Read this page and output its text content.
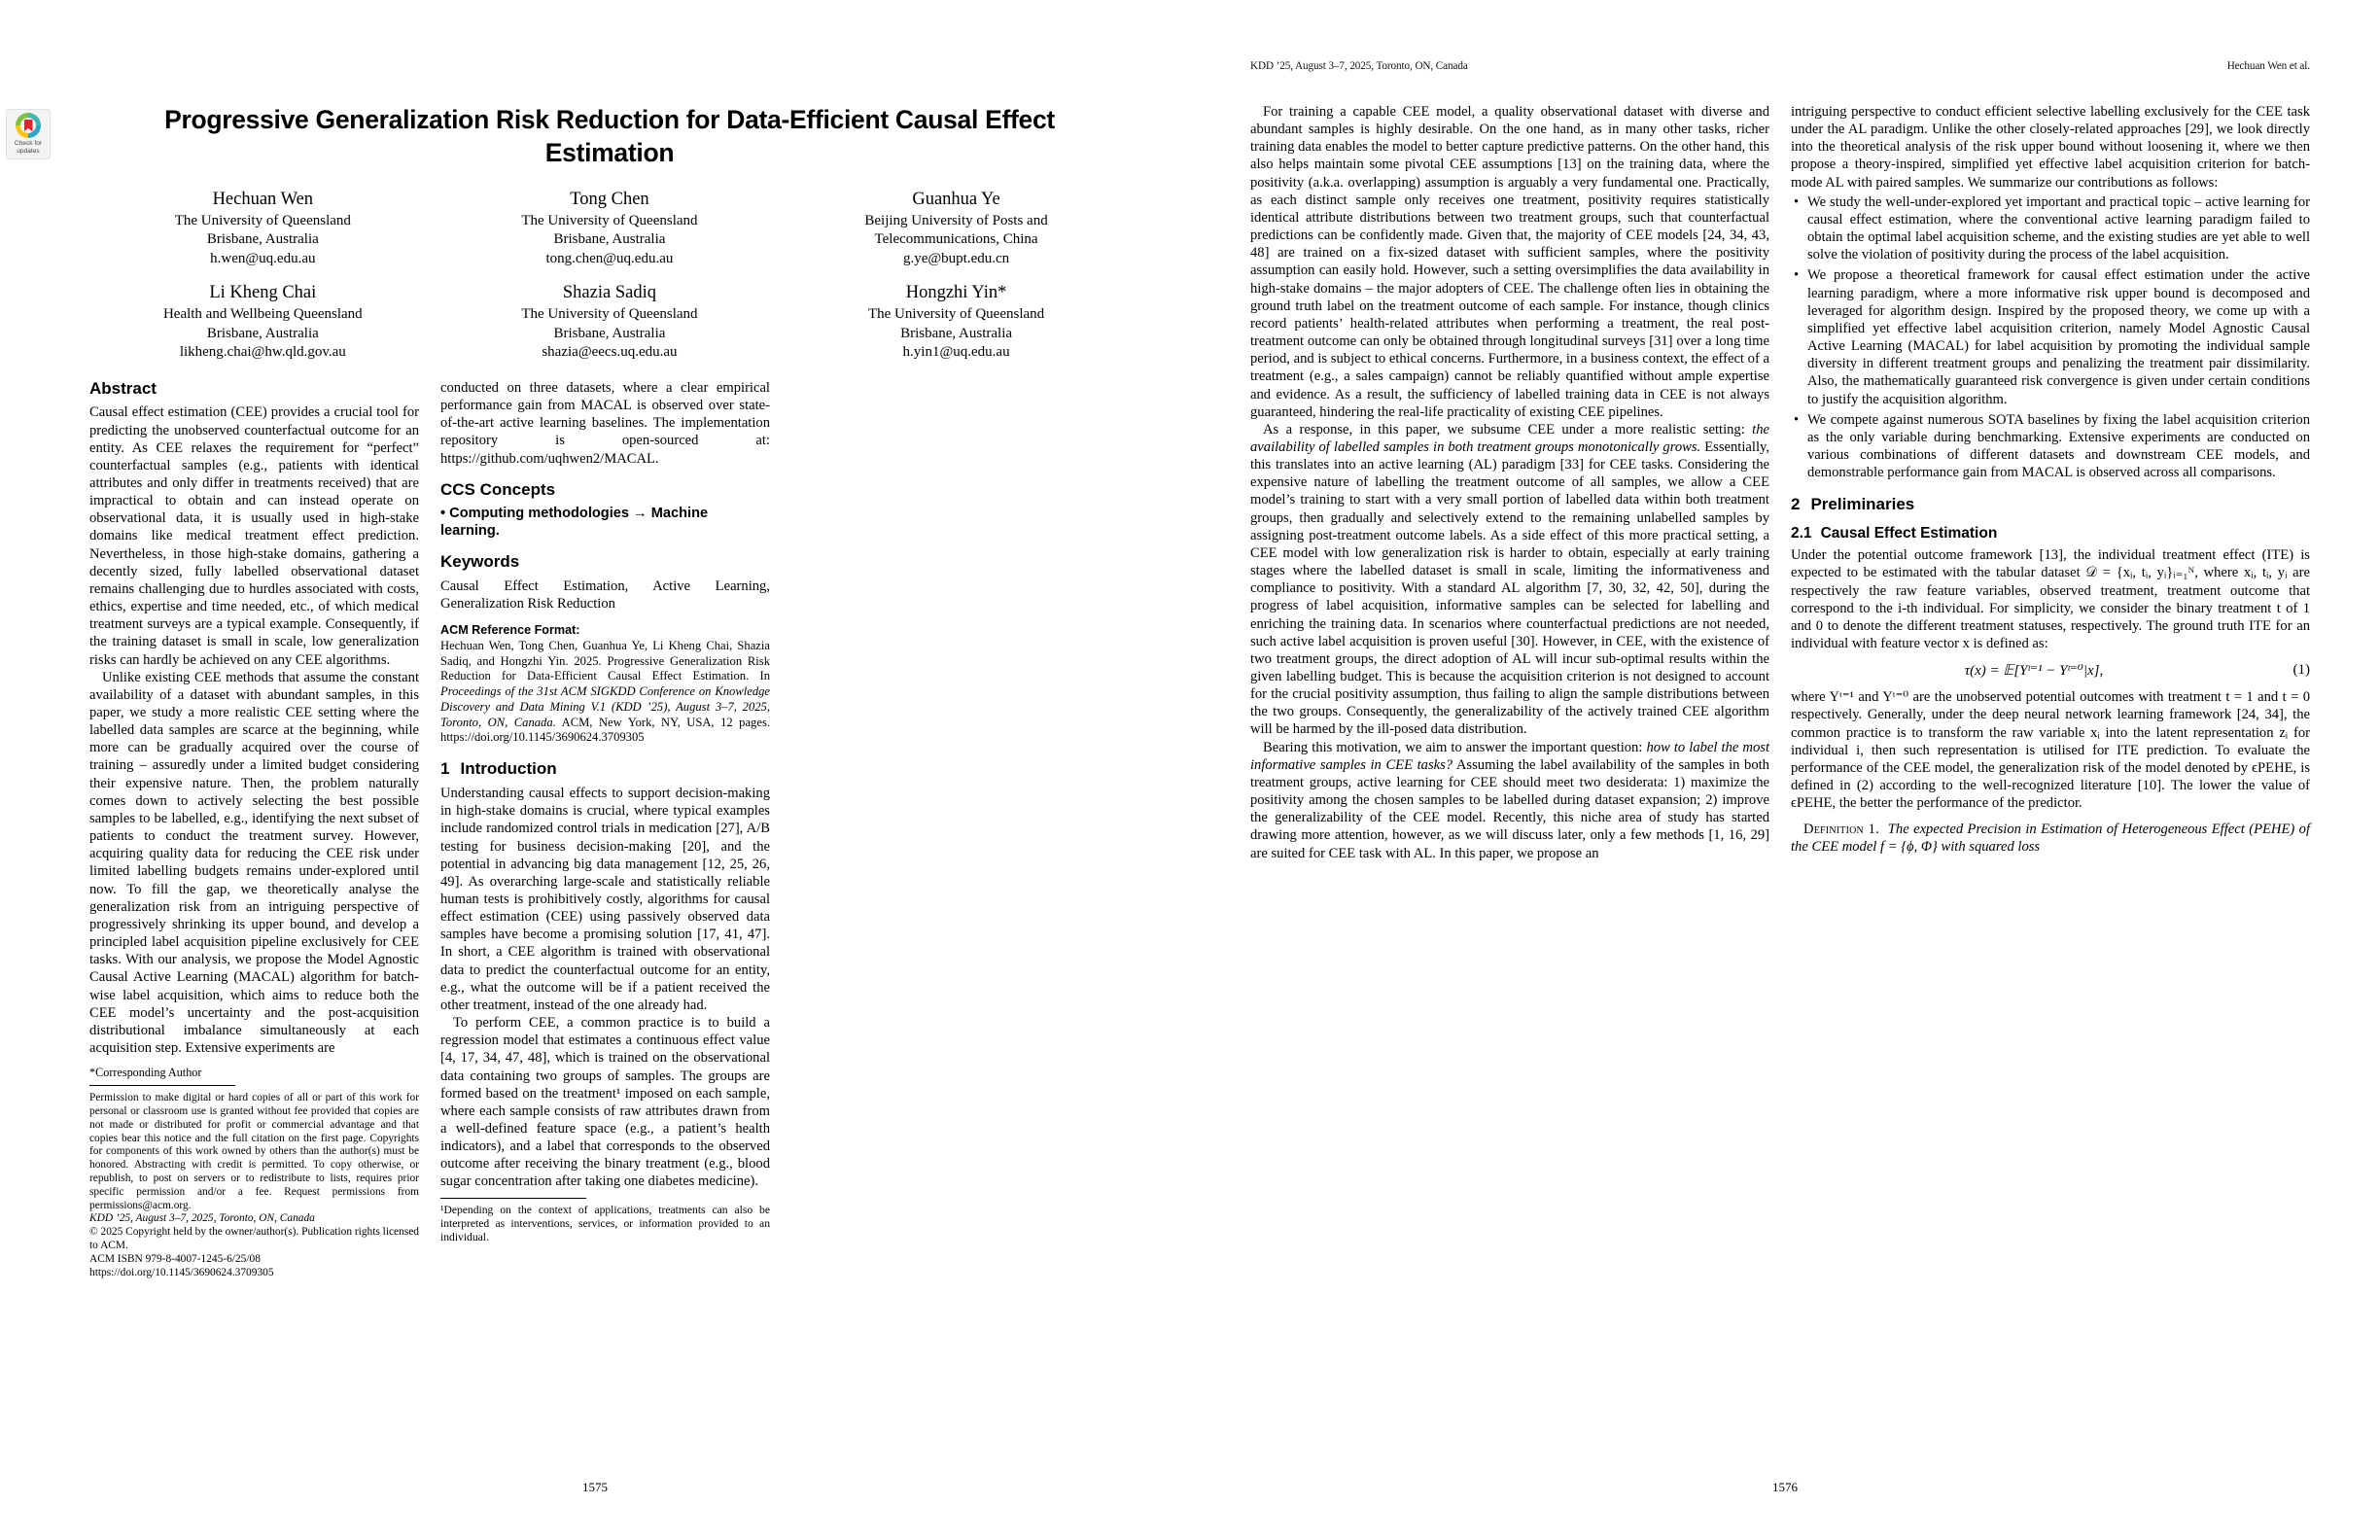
Check for
updates
Progressive Generalization Risk Reduction for Data-Efficient Causal Effect Estimation
Hechuan Wen
The University of Queensland
Brisbane, Australia
h.wen@uq.edu.au
Tong Chen
The University of Queensland
Brisbane, Australia
tong.chen@uq.edu.au
Guanhua Ye
Beijing University of Posts and
Telecommunications, China
g.ye@bupt.edu.cn
Li Kheng Chai
Health and Wellbeing Queensland
Brisbane, Australia
likheng.chai@hw.qld.gov.au
Shazia Sadiq
The University of Queensland
Brisbane, Australia
shazia@eecs.uq.edu.au
Hongzhi Yin*
The University of Queensland
Brisbane, Australia
h.yin1@uq.edu.au
Abstract

Causal effect estimation (CEE) provides a crucial tool for predicting the unobserved counterfactual outcome for an entity. As CEE relaxes the requirement for “perfect” counterfactual samples (e.g., patients with identical attributes and only differ in treatments received) that are impractical to obtain and can instead operate on observational data, it is usually used in high-stake domains like medical treatment effect prediction. Nevertheless, in those high-stake domains, gathering a decently sized, fully labelled observational dataset remains challenging due to hurdles associated with costs, ethics, expertise and time needed, etc., of which medical treatment surveys are a typical example. Consequently, if the training dataset is small in scale, low generalization risks can hardly be achieved on any CEE algorithms.

Unlike existing CEE methods that assume the constant availability of a dataset with abundant samples, in this paper, we study a more realistic CEE setting where the labelled data samples are scarce at the beginning, while more can be gradually acquired over the course of training – assuredly under a limited budget considering their expensive nature. Then, the problem naturally comes down to actively selecting the best possible samples to be labelled, e.g., identifying the next subset of patients to conduct the treatment survey. However, acquiring quality data for reducing the CEE risk under limited labelling budgets remains under-explored until now. To fill the gap, we theoretically analyse the generalization risk from an intriguing perspective of progressively shrinking its upper bound, and develop a principled label acquisition pipeline exclusively for CEE tasks. With our analysis, we propose the Model Agnostic Causal Active Learning (MACAL) algorithm for batch-wise label acquisition, which aims to reduce both the CEE model’s uncertainty and the post-acquisition distributional imbalance simultaneously at each acquisition step. Extensive experiments are

*Corresponding Author
Permission to make digital or hard copies of all or part of this work for personal or classroom use is granted without fee provided that copies are not made or distributed for profit or commercial advantage and that copies bear this notice and the full citation on the first page. Copyrights for components of this work owned by others than the author(s) must be honored. Abstracting with credit is permitted. To copy otherwise, or republish, to post on servers or to redistribute to lists, requires prior specific permission and/or a fee. Request permissions from permissions@acm.org.
KDD ’25, August 3–7, 2025, Toronto, ON, Canada
© 2025 Copyright held by the owner/author(s). Publication rights licensed to ACM.
ACM ISBN 979-8-4007-1245-6/25/08
https://doi.org/10.1145/3690624.3709305

conducted on three datasets, where a clear empirical performance gain from MACAL is observed over state-of-the-art active learning baselines. The implementation repository is open-sourced at: https://github.com/uqhwen2/MACAL.

CCS Concepts

• Computing methodologies → Machine learning.

Keywords

Causal Effect Estimation, Active Learning, Generalization Risk Reduction

ACM Reference Format:
Hechuan Wen, Tong Chen, Guanhua Ye, Li Kheng Chai, Shazia Sadiq, and Hongzhi Yin. 2025. Progressive Generalization Risk Reduction for Data-Efficient Causal Effect Estimation. In Proceedings of the 31st ACM SIGKDD Conference on Knowledge Discovery and Data Mining V.1 (KDD ’25), August 3–7, 2025, Toronto, ON, Canada. ACM, New York, NY, USA, 12 pages. https://doi.org/10.1145/3690624.3709305

1 Introduction

Understanding causal effects to support decision-making in high-stake domains is crucial, where typical examples include randomized control trials in medication [27], A/B testing for business decision-making [20], and the potential in advancing big data management [12, 25, 26, 49]. As overarching large-scale and statistically reliable human tests is prohibitively costly, algorithms for causal effect estimation (CEE) using passively observed data samples have become a promising solution [17, 41, 47]. In short, a CEE algorithm is trained with observational data to predict the counterfactual outcome for an entity, e.g., what the outcome will be if a patient received the other treatment, instead of the one already had.

To perform CEE, a common practice is to build a regression model that estimates a continuous effect value [4, 17, 34, 47, 48], which is trained on the observational data containing two groups of samples. The groups are formed based on the treatment¹ imposed on each sample, where each sample consists of raw attributes drawn from a well-defined feature space (e.g., a patient’s health indicators), and a label that corresponds to the observed outcome after receiving the binary treatment (e.g., blood sugar concentration after taking one diabetes medicine).

¹Depending on the context of applications, treatments can also be interpreted as interventions, services, or information provided to an individual.
1575
KDD ’25, August 3–7, 2025, Toronto, ON, Canada	Hechuan Wen et al.

For training a capable CEE model, a quality observational dataset with diverse and abundant samples is highly desirable. On the one hand, as in many other tasks, richer training data enables the model to better capture predictive patterns. On the other hand, this also helps maintain some pivotal CEE assumptions [13] on the training data, where the positivity (a.k.a. overlapping) assumption is arguably a very fundamental one. Practically, as each distinct sample only receives one treatment, positivity requires statistically identical attribute distributions between two treatment groups, such that counterfactual predictions can be confidently made. Given that, the majority of CEE models [24, 34, 43, 48] are trained on a fix-sized dataset with sufficient samples, where the positivity assumption can easily hold. However, such a setting oversimplifies the data availability in high-stake domains – the major adopters of CEE. The challenge often lies in obtaining the ground truth label on the treatment outcome of each sample. For instance, though clinics record patients’ health-related attributes when performing a treatment, the real post-treatment outcome can only be obtained through longitudinal surveys [31] over a long time period, and is subject to ethical concerns. Furthermore, in a business context, the effect of a treatment (e.g., a sales campaign) cannot be reliably quantified without ample expertise and evidence. As a result, the sufficiency of labelled training data in CEE is not always guaranteed, hindering the real-life practicality of existing CEE pipelines.

As a response, in this paper, we subsume CEE under a more realistic setting: the availability of labelled samples in both treatment groups monotonically grows. Essentially, this translates into an active learning (AL) paradigm [33] for CEE tasks. Considering the expensive nature of labelling the treatment outcome of all samples, we allow a CEE model’s training to start with a very small portion of labelled data within both treatment groups, then gradually and selectively extend to the remaining unlabelled samples by assigning post-treatment outcome labels. As a side effect of this more practical setting, a CEE model with low generalization risk is harder to obtain, especially at early training stages where the labelled dataset is small in scale, limiting the informativeness and compliance to positivity. With a standard AL algorithm [7, 30, 32, 42, 50], during the progress of label acquisition, informative samples can be selected for labelling and enriching the training data. In scenarios where counterfactual predictions are not needed, such active label acquisition is proven useful [30]. However, in CEE, with the existence of two treatment groups, the direct adoption of AL will incur sub-optimal results within the given labelling budget. This is because the acquisition criterion is not designed to account for the crucial positivity assumption, thus failing to align the sample distributions between the two groups. Consequently, the generalizability of the actively trained CEE algorithm will be harmed by the ill-posed data distribution.

Bearing this motivation, we aim to answer the important question: how to label the most informative samples in CEE tasks? Assuming the label availability of the samples in both treatment groups, active learning for CEE should meet two desiderata: 1) maximize the positivity among the chosen samples to be labelled during dataset expansion; 2) improve the generalizability of the CEE model. Recently, this niche area of study has started drawing more attention, however, as we will discuss later, only a few methods [1, 16, 29] are suited for CEE task with AL. In this paper, we propose an

intriguing perspective to conduct efficient selective labelling exclusively for the CEE task under the AL paradigm. Unlike the other closely-related approaches [29], we look directly into the theoretical analysis of the risk upper bound without loosening it, where we then propose a theory-inspired, simplified yet effective label acquisition criterion for batch-mode AL with paired samples. We summarize our contributions as follows:

• We study the well-under-explored yet important and practical topic – active learning for causal effect estimation, where the conventional active learning paradigm failed to obtain the optimal label acquisition scheme, and the existing studies are yet able to well solve the violation of positivity during the process of the label acquisition.
• We propose a theoretical framework for causal effect estimation under the active learning paradigm, where a more informative risk upper bound is decomposed and leveraged for algorithm design. Inspired by the proposed theory, we come up with a simplified yet effective label acquisition criterion, namely Model Agnostic Causal Active Learning (MACAL) for label acquisition by promoting the individual sample diversity in different treatment groups and penalizing the treatment pair dissimilarity. Also, the mathematically guaranteed risk convergence is given under certain conditions to justify the acquisition algorithm.
• We compete against numerous SOTA baselines by fixing the label acquisition criterion as the only variable during benchmarking. Extensive experiments are conducted on various combinations of different datasets and downstream CEE models, and demonstrable performance gain from MACAL is observed across all comparisons.
2 Preliminaries
2.1 Causal Effect Estimation

Under the potential outcome framework [13], the individual treatment effect (ITE) is expected to be estimated with the tabular dataset 𝒟 = {xᵢ, tᵢ, yᵢ}ᵢ₌₁ᴺ, where xᵢ, tᵢ, yᵢ are respectively the raw feature variables, observed treatment, treatment outcome that correspond to the i-th individual. For simplicity, we consider the binary treatment t of 1 and 0 to denote the different treatment statuses, respectively. The ground truth ITE for an individual with feature vector x is defined as:

τ(x) = 𝔼[Yᵗ⁼¹ − Yᵗ⁼⁰|x],	(1)

where Yᵗ⁼¹ and Yᵗ⁼⁰ are the unobserved potential outcomes with treatment t = 1 and t = 0 respectively. Generally, under the deep neural network learning framework [24, 34], the common practice is to transform the raw variable xᵢ into the latent representation zᵢ for individual i, then such representation is utilised for ITE prediction. To evaluate the performance of the CEE model, the generalization risk of the model denoted by ϵPEHE, is defined in (2) according to the well-recognized literature [10]. The lower the value of ϵPEHE, the better the performance of the predictor.

Definition 1. The expected Precision in Estimation of Heterogeneous Effect (PEHE) of the CEE model f = {ϕ, Φ} with squared loss

1576
